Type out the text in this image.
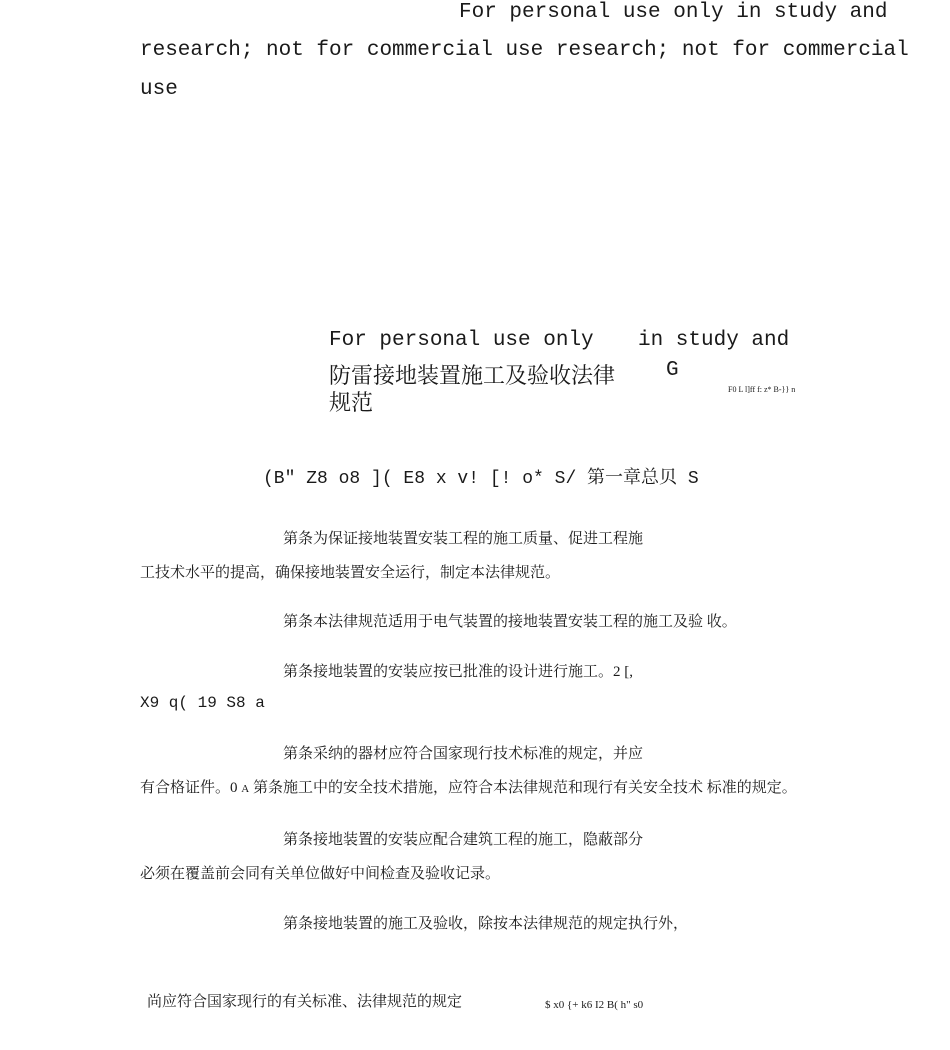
For personal use only in study and
research; not for commercial use research; not for commercial
use
For personal use only in study and
防雷接地装置施工及验收法律 G
规范
F0 L l]ff f: z* B-}} n
(B″ Z8 o8 ]( E8 x v! [! o* S/ 第一章总贝 S
第条为保证接地装置安装工程的施工质量、促进工程施
工技术水平的提高，确保接地装置安全运行，制定本法律规范。
第条本法律规范适用于电气装置的接地装置安装工程的施工及验 收。
第条接地装置的安装应按已批准的设计进行施工。2 [,
X9 q( 19 S8 a
第条采纳的器材应符合国家现行技术标准的规定，并应
有合格证件。0 A 第条施工中的安全技术措施，应符合本法律规范和现行有关安全技术 标准的规定。
第条接地装置的安装应配合建筑工程的施工，隐蔽部分
必须在覆盖前会同有关单位做好中间检查及验收记录。
第条接地装置的施工及验收，除按本法律规范的规定执行外，
尚应符合国家现行的有关标准、法律规范的规定	$ x0 {+ k6 I2 B( h" s0
